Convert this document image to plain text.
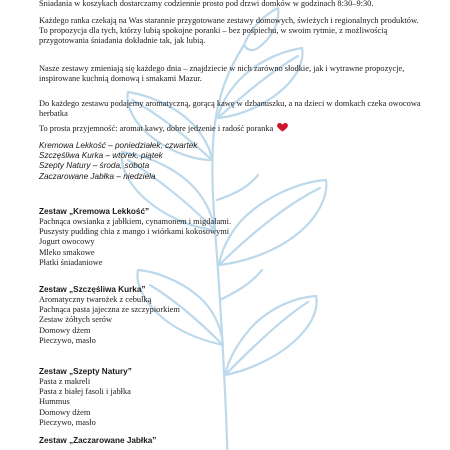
Śniadania w koszykach dostarczamy codziennie prosto pod drzwi domków w godzinach 8:30–9:30.

Każdego ranka czekają na Was starannie przygotowane zestawy domowych, świeżych i regionalnych produktów. To propozycja dla tych, którzy lubią spokojne poranki – bez pośpiechu, w swoim rytmie, z możliwością przygotowania śniadania dokładnie tak, jak lubią.

Nasze zestawy zmieniają się każdego dnia – znajdziecie w nich zarówno słodkie, jak i wytrawne propozycje, inspirowane kuchnią domową i smakami Mazur.

Do każdego zestawu podajemy aromatyczną, gorącą kawę w dzbanuszku, a na dzieci w domkach czeka owocowa herbatka

To prosta przyjemność: aromat kawy, dobre jedzenie i radość poranka

Kremowa Lekkość – poniedziałek, czwartek
Szczęśliwa Kurka – wtorek, piątek
Szepty Natury – środa, sobota
Zaczarowane Jabłka – niedziela
Zestaw „Kremowa Lekkość”
Pachnąca owsianka z jabłkiem, cynamonem i migdałami.
Puszysty pudding chia z mango i wiórkami kokosowymi
Jogurt owocowy
Mleko smakowe
Płatki śniadaniowe
Zestaw „Szczęśliwa Kurka”
Aromatyczny twarożek z cebulką
Pachnąca pasta jajeczna ze szczypiorkiem
Zestaw żółtych serów
Domowy dżem
Pieczywo, masło
Zestaw „Szepty Natury”
Pasta z makreli
Pasta z białej fasoli i jabłka
Hummus
Domowy dżem
Pieczywo, masło
Zestaw „Zaczarowane Jabłka”
